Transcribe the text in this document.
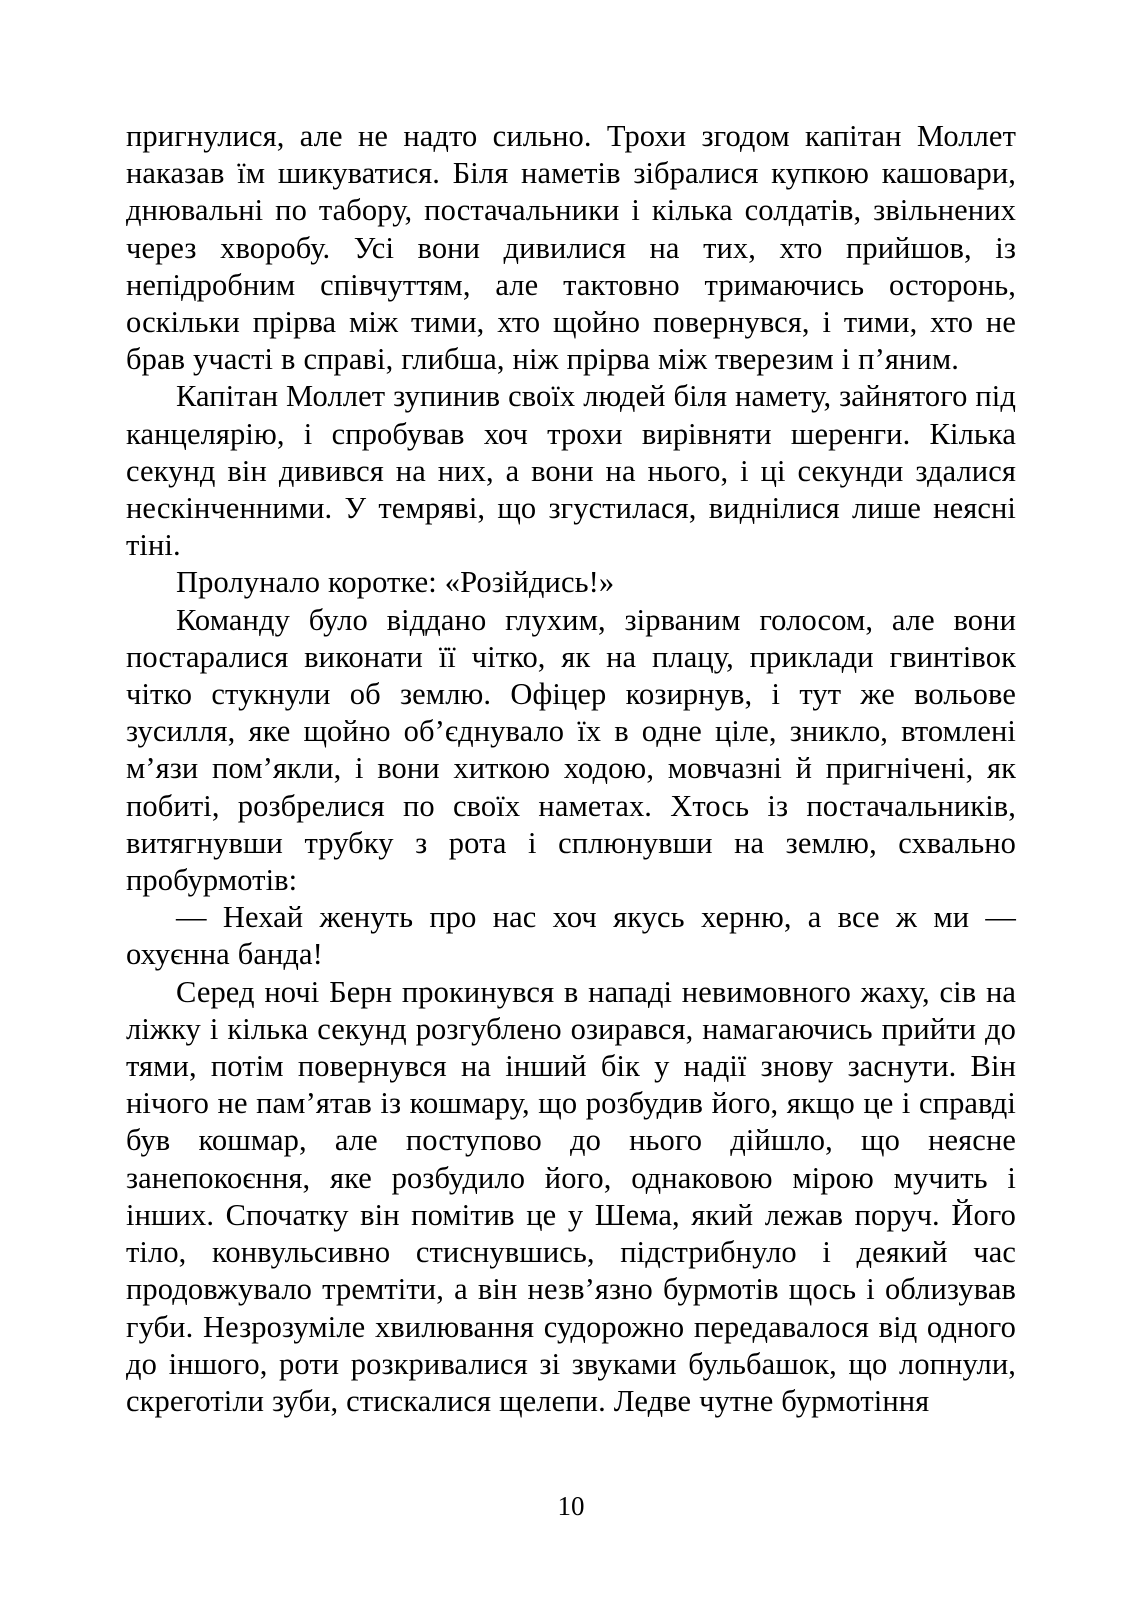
пригнулися, але не надто сильно. Трохи згодом капітан Моллет наказав їм шикуватися. Біля наметів зібралися купкою кашовари, днювальні по табору, постачальники і кілька солдатів, звільнених через хворобу. Усі вони дивилися на тих, хто прийшов, із непідробним співчуттям, але тактовно тримаючись осторонь, оскільки прірва між тими, хто щойно повернувся, і тими, хто не брав участі в справі, глибша, ніж прірва між тверезим і п’яним.

Капітан Моллет зупинив своїх людей біля намету, зайнятого під канцелярію, і спробував хоч трохи вирівняти шеренги. Кілька секунд він дивився на них, а вони на нього, і ці секунди здалися нескінченними. У темряві, що згустилася, виднілися лише неясні тіні.

Пролунало коротке: «Розійдись!»

Команду було віддано глухим, зірваним голосом, але вони постаралися виконати її чітко, як на плацу, приклади гвинтівок чітко стукнули об землю. Офіцер козирнув, і тут же вольове зусилля, яке щойно об’єднувало їх в одне ціле, зникло, втомлені м’язи пом’якли, і вони хиткою ходою, мовчазні й пригнічені, як побиті, розбрелися по своїх наметах. Хтось із постачальників, витягнувши трубку з рота і сплюнувши на землю, схвально пробурмотів:

— Нехай женуть про нас хоч якусь херню, а все ж ми — охуєнна банда!

Серед ночі Берн прокинувся в нападі невимовного жаху, сів на ліжку і кілька секунд розгублено озирався, намагаючись прийти до тями, потім повернувся на інший бік у надії знову заснути. Він нічого не пам’ятав із кошмару, що розбудив його, якщо це і справді був кошмар, але поступово до нього дійшло, що неясне занепокоєння, яке розбудило його, однаковою мірою мучить і інших. Спочатку він помітив це у Шема, який лежав поруч. Його тіло, конвульсивно стиснувшись, підстрибнуло і деякий час продовжувало тремтіти, а він незв’язно бурмотів щось і облизував губи. Незрозуміле хвилювання судорожно передавалося від одного до іншого, роти розкривалися зі звуками бульбашок, що лопнули, скреготіли зуби, стискалися щелепи. Ледве чутне бурмотіння

10
